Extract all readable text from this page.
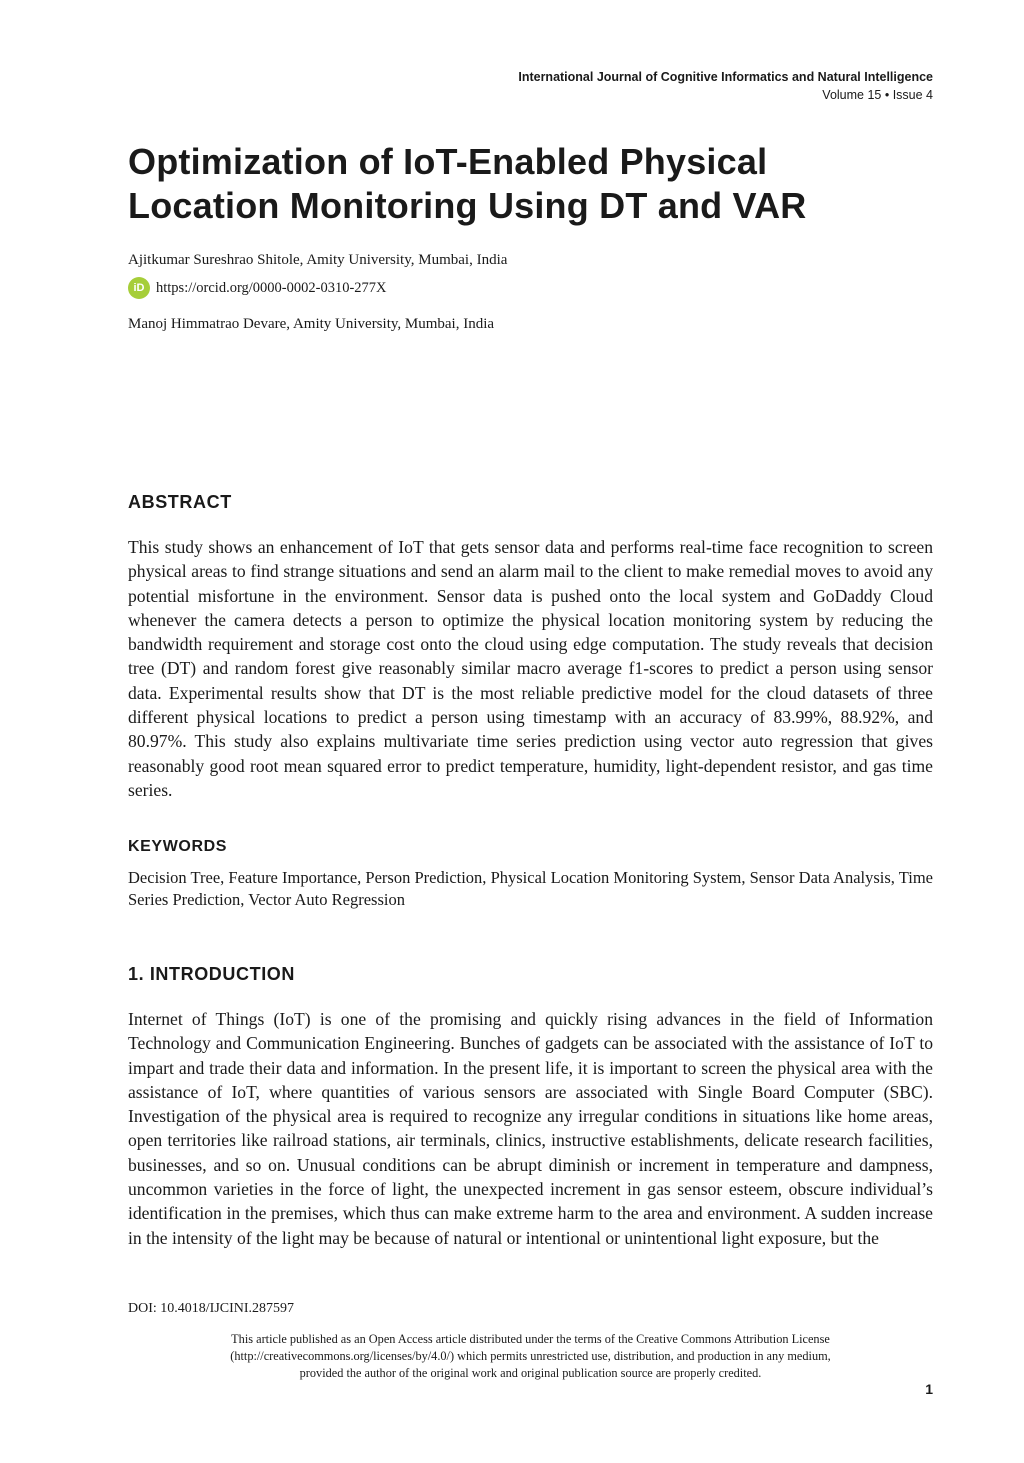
International Journal of Cognitive Informatics and Natural Intelligence
Volume 15 • Issue 4
Optimization of IoT-Enabled Physical
Location Monitoring Using DT and VAR
Ajitkumar Sureshrao Shitole, Amity University, Mumbai, India
iD https://orcid.org/0000-0002-0310-277X
Manoj Himmatrao Devare, Amity University, Mumbai, India
ABSTRACT

This study shows an enhancement of IoT that gets sensor data and performs real-time face recognition to screen physical areas to find strange situations and send an alarm mail to the client to make remedial moves to avoid any potential misfortune in the environment. Sensor data is pushed onto the local system and GoDaddy Cloud whenever the camera detects a person to optimize the physical location monitoring system by reducing the bandwidth requirement and storage cost onto the cloud using edge computation. The study reveals that decision tree (DT) and random forest give reasonably similar macro average f1-scores to predict a person using sensor data. Experimental results show that DT is the most reliable predictive model for the cloud datasets of three different physical locations to predict a person using timestamp with an accuracy of 83.99%, 88.92%, and 80.97%. This study also explains multivariate time series prediction using vector auto regression that gives reasonably good root mean squared error to predict temperature, humidity, light-dependent resistor, and gas time series.

KEYWORDS

Decision Tree, Feature Importance, Person Prediction, Physical Location Monitoring System, Sensor Data Analysis, Time Series Prediction, Vector Auto Regression

1. INTRODUCTION

Internet of Things (IoT) is one of the promising and quickly rising advances in the field of Information Technology and Communication Engineering. Bunches of gadgets can be associated with the assistance of IoT to impart and trade their data and information. In the present life, it is important to screen the physical area with the assistance of IoT, where quantities of various sensors are associated with Single Board Computer (SBC). Investigation of the physical area is required to recognize any irregular conditions in situations like home areas, open territories like railroad stations, air terminals, clinics, instructive establishments, delicate research facilities, businesses, and so on. Unusual conditions can be abrupt diminish or increment in temperature and dampness, uncommon varieties in the force of light, the unexpected increment in gas sensor esteem, obscure individual’s identification in the premises, which thus can make extreme harm to the area and environment. A sudden increase in the intensity of the light may be because of natural or intentional or unintentional light exposure, but the

DOI: 10.4018/IJCINI.287597
This article published as an Open Access article distributed under the terms of the Creative Commons Attribution License
(http://creativecommons.org/licenses/by/4.0/) which permits unrestricted use, distribution, and production in any medium,
provided the author of the original work and original publication source are properly credited.
1
